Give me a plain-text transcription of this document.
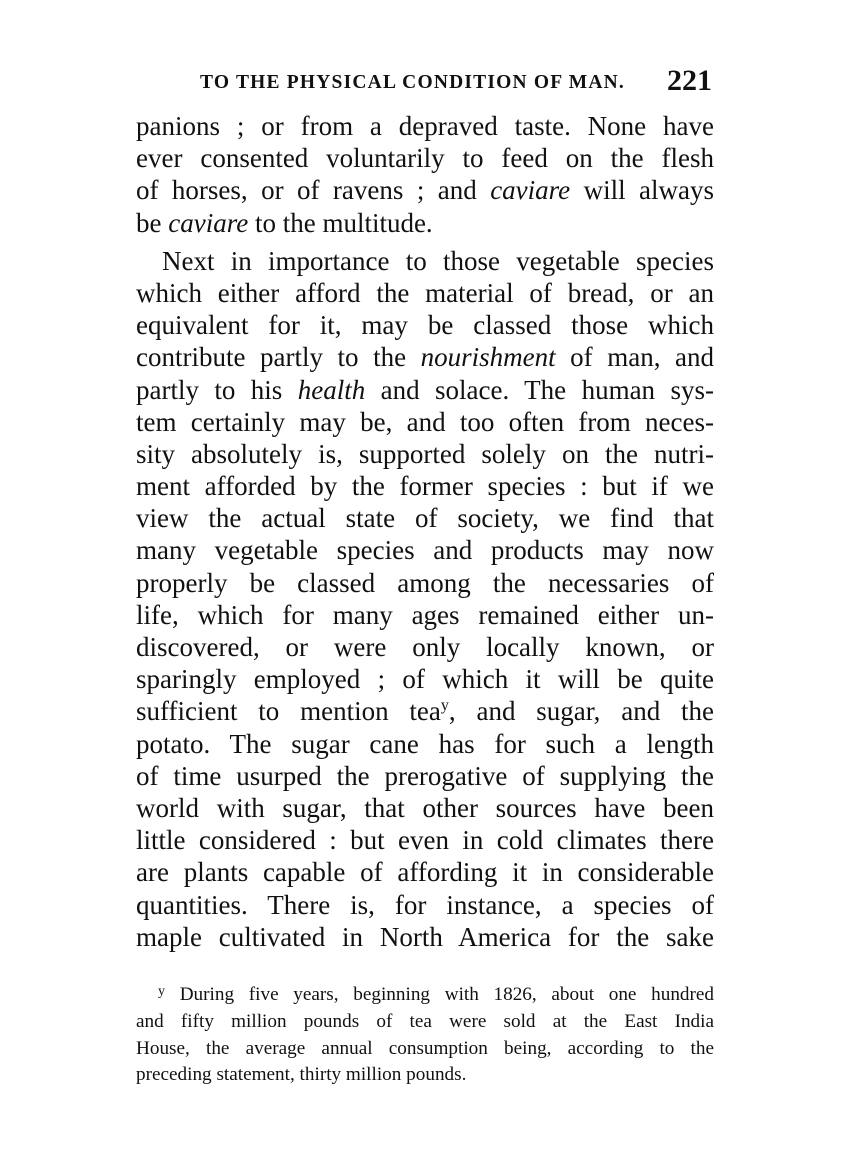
TO THE PHYSICAL CONDITION OF MAN. 221
panions ; or from a depraved taste. None have
ever consented voluntarily to feed on the flesh
of horses, or of ravens ; and caviare will always
be caviare to the multitude.
Next in importance to those vegetable species
which either afford the material of bread, or an
equivalent for it, may be classed those which
contribute partly to the nourishment of man, and
partly to his health and solace. The human sys-
tem certainly may be, and too often from neces-
sity absolutely is, supported solely on the nutri-
ment afforded by the former species : but if we
view the actual state of society, we find that
many vegetable species and products may now
properly be classed among the necessaries of
life, which for many ages remained either un-
discovered, or were only locally known, or
sparingly employed ; of which it will be quite
sufficient to mention tea$^y$, and sugar, and the
potato. The sugar cane has for such a length
of time usurped the prerogative of supplying the
world with sugar, that other sources have been
little considered : but even in cold climates there
are plants capable of affording it in considerable
quantities. There is, for instance, a species of
maple cultivated in North America for the sake
$^y$ During five years, beginning with 1826, about one hundred
and fifty million pounds of tea were sold at the East India
House, the average annual consumption being, according to the
preceding statement, thirty million pounds.
